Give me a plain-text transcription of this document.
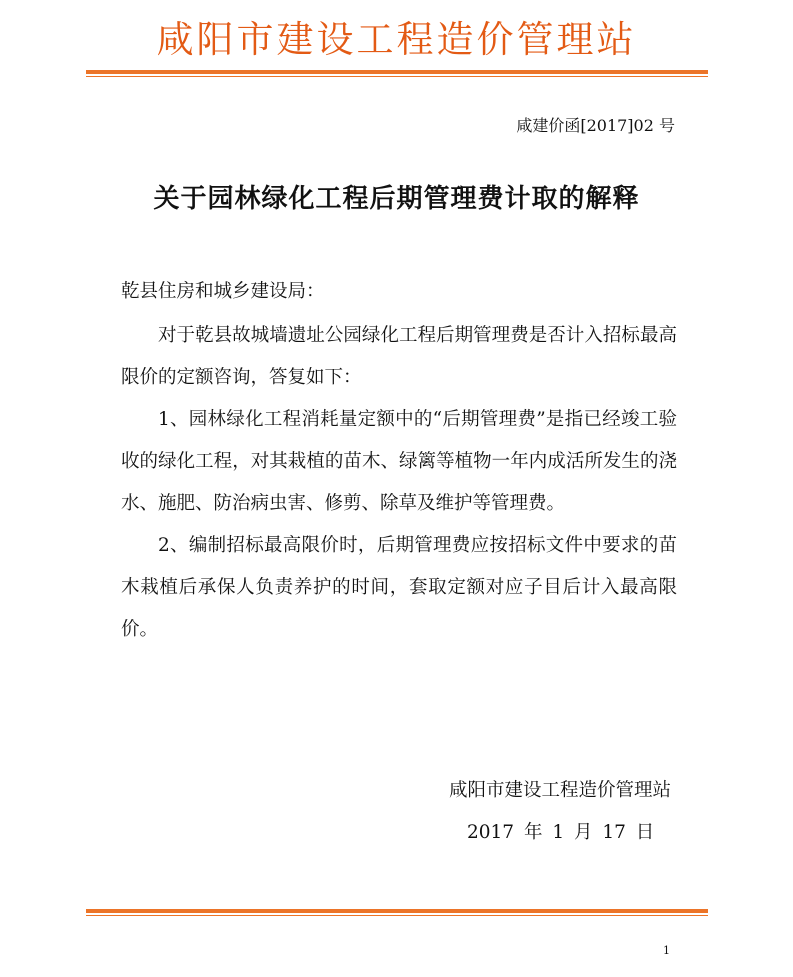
咸阳市建设工程造价管理站
咸建价函[2017]02 号
关于园林绿化工程后期管理费计取的解释
乾县住房和城乡建设局：

对于乾县故城墙遗址公园绿化工程后期管理费是否计入招标最高限价的定额咨询，答复如下：

1、园林绿化工程消耗量定额中的“后期管理费”是指已经竣工验收的绿化工程，对其栽植的苗木、绿篱等植物一年内成活所发生的浇水、施肥、防治病虫害、修剪、除草及维护等管理费。

2、编制招标最高限价时，后期管理费应按招标文件中要求的苗木栽植后承保人负责养护的时间，套取定额对应子目后计入最高限价。

咸阳市建设工程造价管理站
2017 年 1 月 17 日
1
